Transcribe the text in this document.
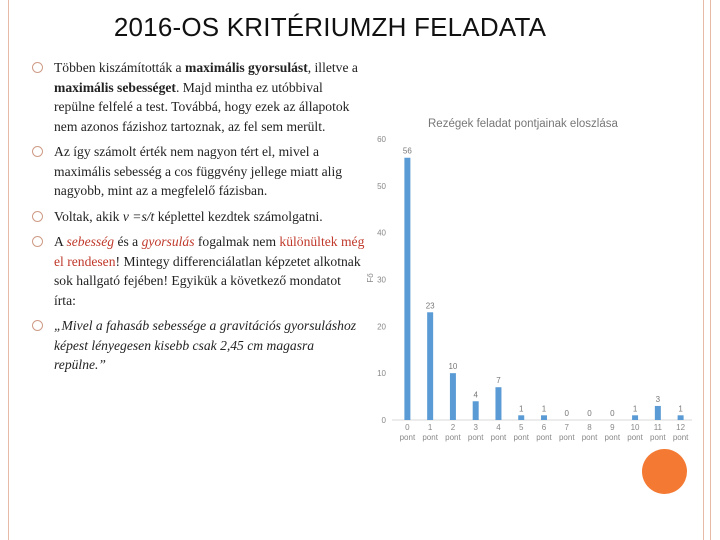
2016-OS KRITÉRIUMZH FELADATA
Többen kiszámították a maximális gyorsulást, illetve a maximális sebességet. Majd mintha ez utóbbival repülne felfelé a test. Továbbá, hogy ezek az állapotok nem azonos fázishoz tartoznak, az fel sem merült.
Az így számolt érték nem nagyon tért el, mivel a maximális sebesség a cos függvény jellege miatt alig nagyobb, mint az a megfelelő fázisban.
Voltak, akik v =s/t képlettel kezdtek számolgatni.
A sebesség és a gyorsulás fogalmak nem különültek még el rendesen! Mintegy differenciálatlan képzetet alkotnak sok hallgató fejében! Egyikük a következő mondatot írta:
„Mivel a fahasáb sebessége a gravitációs gyorsuláshoz képest lényegesen kisebb csak 2,45 cm magasra repülne.”
Rezégek feladat pontjainak eloszlása
Fő
0
10
20
30
40
50
60
56
0
pont
23
1
pont
10
2
pont
4
3
pont
7
4
pont
1
5
pont
1
6
pont
0
7
pont
0
8
pont
0
9
pont
1
10
pont
3
11
pont
1
12
pont
